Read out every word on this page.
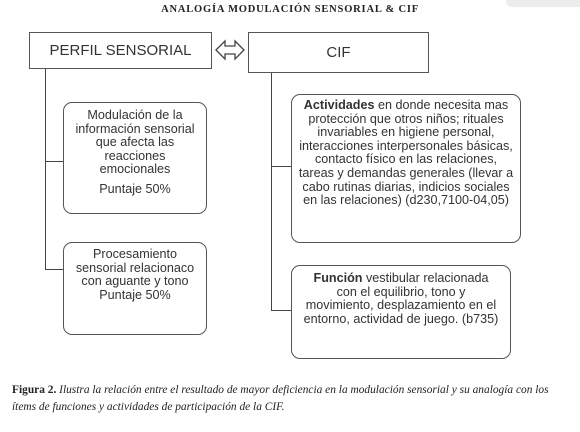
ANALOGÍA MODULACIÓN SENSORIAL & CIF
PERFIL SENSORIAL	CIF
Modulación de la información sensorial que afecta las reacciones emocionales
Puntaje 50%
Procesamiento sensorial relacionaco con aguante y tono
Puntaje 50%
Actividades en donde necesita mas protección que otros niños; rituales invariables en higiene personal, interacciones interpersonales básicas, contacto físico en las relaciones, tareas y demandas generales (llevar a cabo rutinas diarias, indicios sociales en las relaciones) (d230,7100-04,05)
Función vestibular relacionada con el equilibrio, tono y movimiento, desplazamiento en el entorno, actividad de juego. (b735)
Figura 2. Ilustra la relación entre el resultado de mayor deficiencia en la modulación sensorial y su analogía con los ítems de funciones y actividades de participación de la CIF.
